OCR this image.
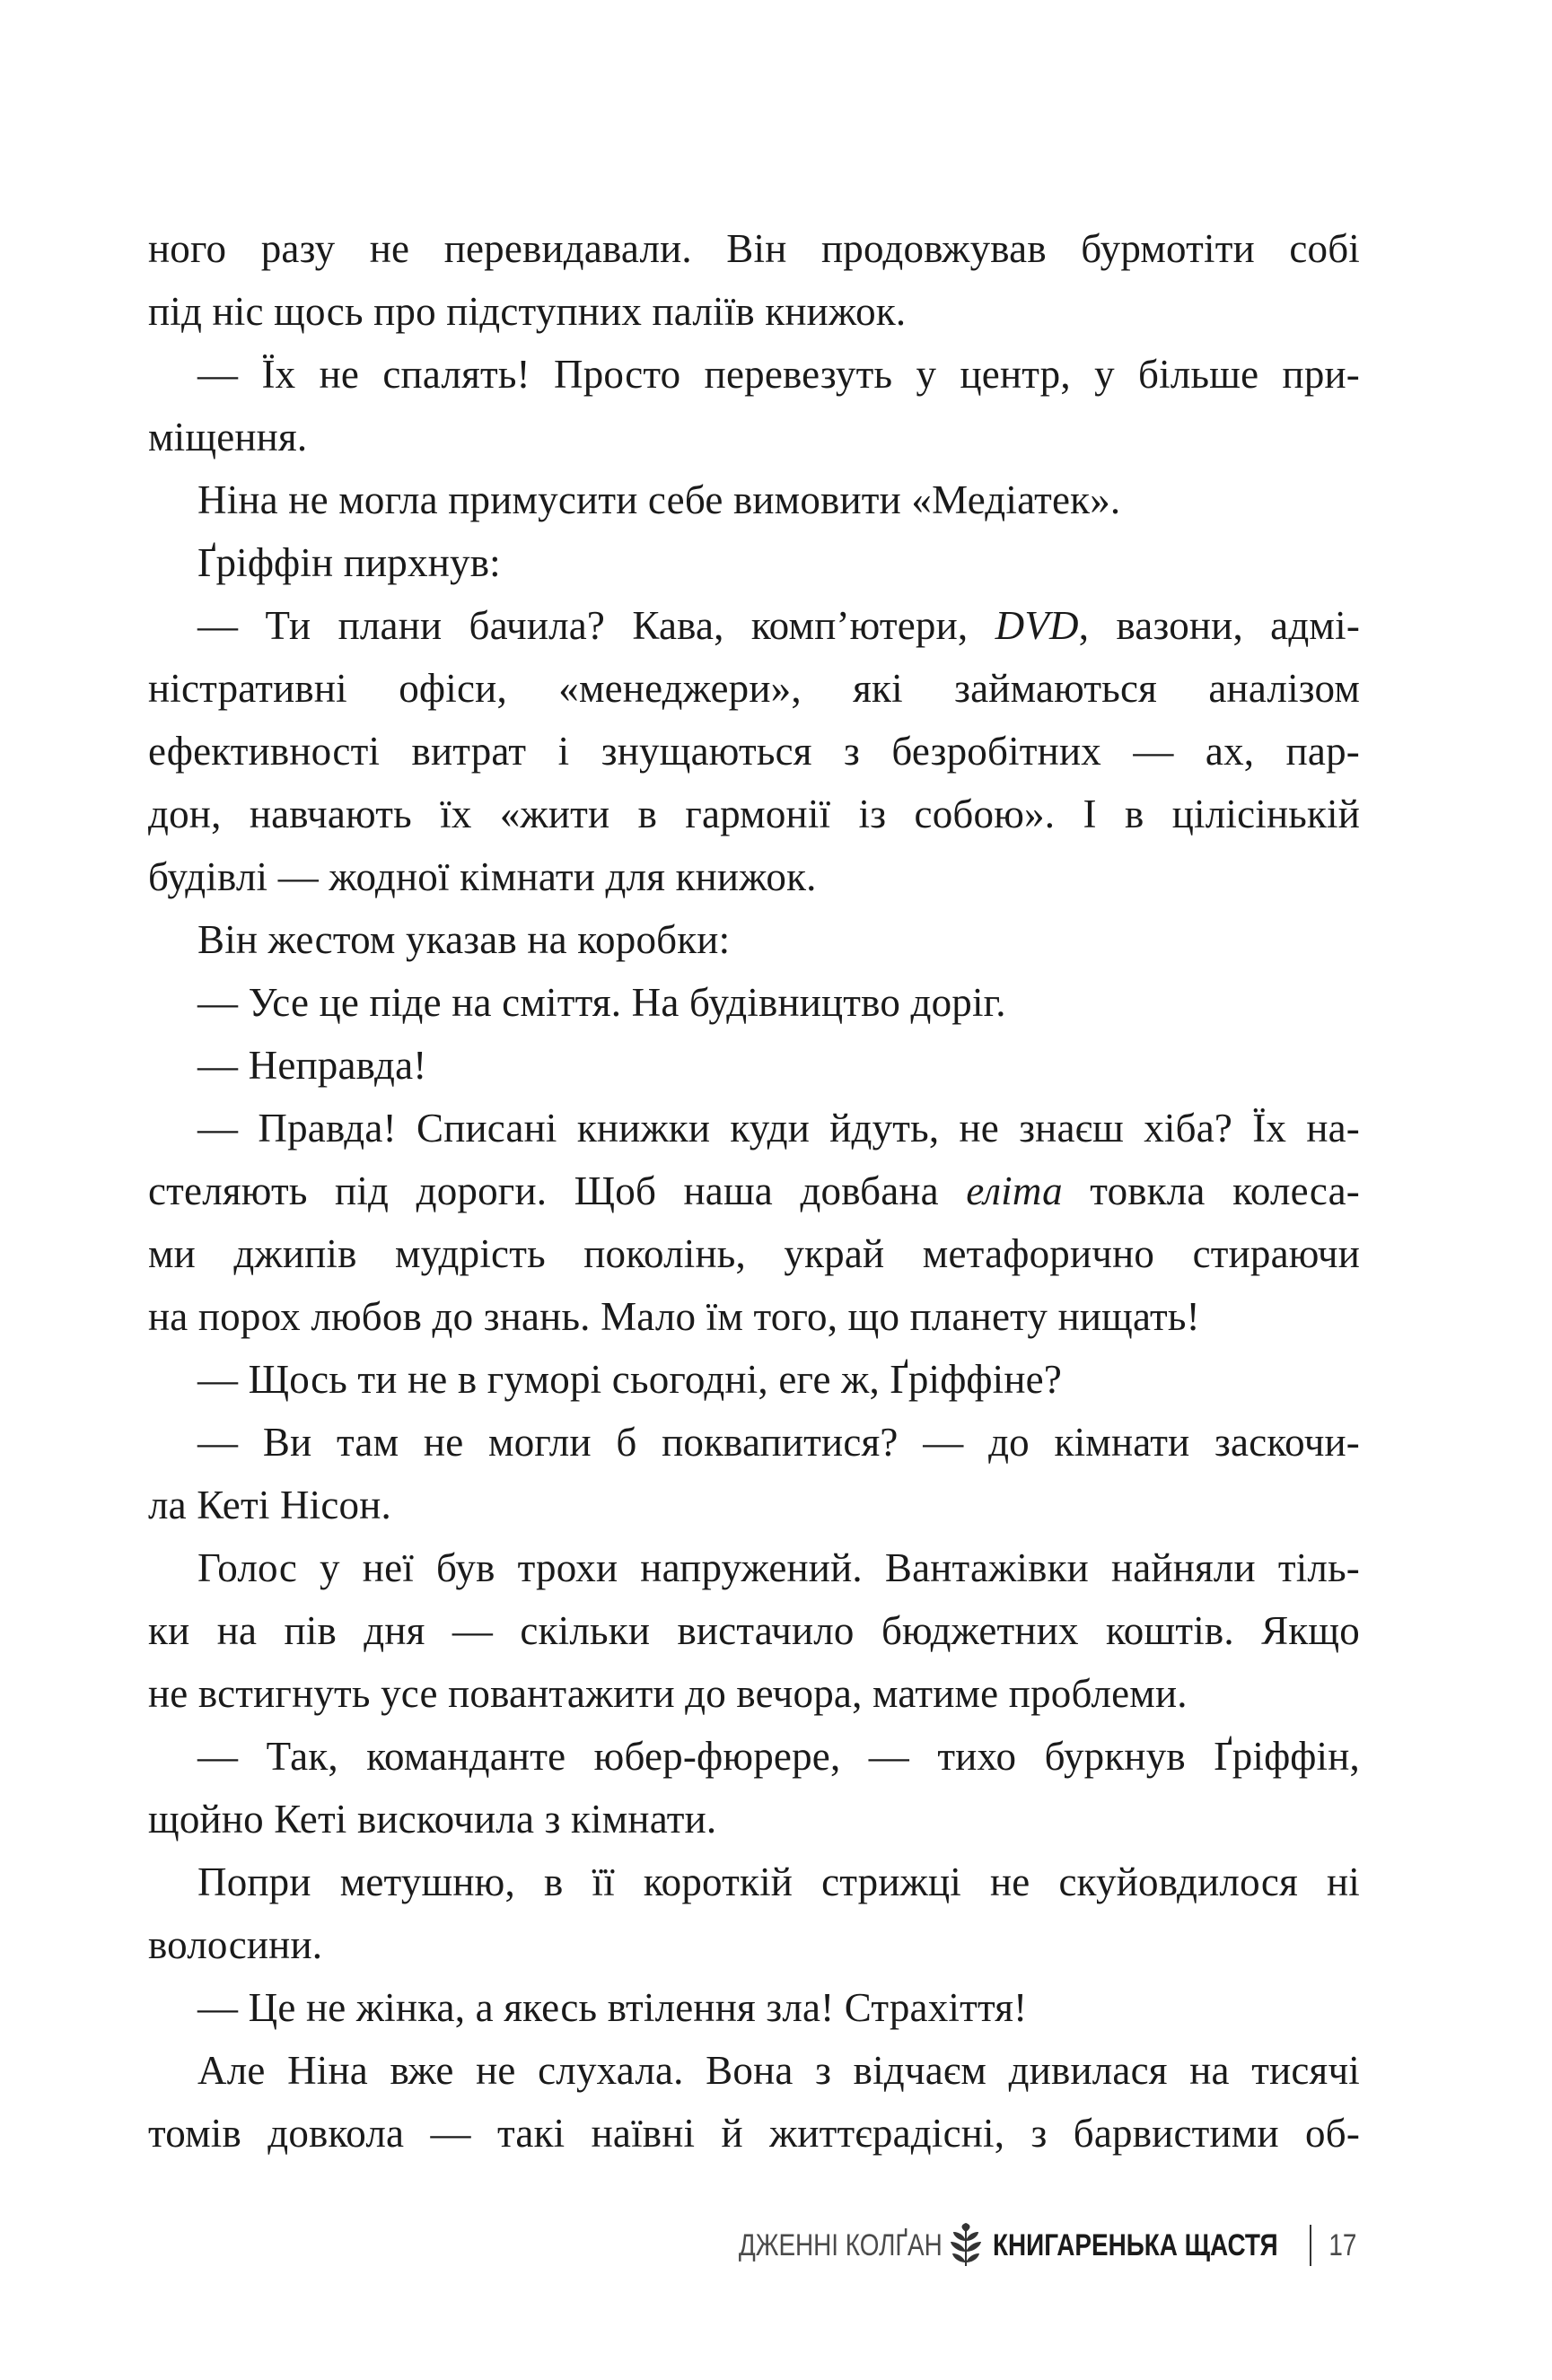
ного разу не перевидавали. Він продовжував бурмотіти собі
під ніс щось про підступних паліїв книжок.
— Їх не спалять! Просто перевезуть у центр, у більше при-
міщення.
Ніна не могла примусити себе вимовити «Медіатек».
Ґріффін пирхнув:
— Ти плани бачила? Кава, комп’ютери, DVD, вазони, адмі-
ністративні офіси, «менеджери», які займаються аналізом
ефективності витрат і знущаються з безробітних — ах, пар-
дон, навчають їх «жити в гармонії із собою». І в цілісінькій
будівлі — жодної кімнати для книжок.
Він жестом указав на коробки:
— Усе це піде на сміття. На будівництво доріг.
— Неправда!
— Правда! Списані книжки куди йдуть, не знаєш хіба? Їх на-
стеляють під дороги. Щоб наша довбана еліта товкла колеса-
ми джипів мудрість поколінь, украй метафорично стираючи
на порох любов до знань. Мало їм того, що планету нищать!
— Щось ти не в гуморі сьогодні, еге ж, Ґріффіне?
— Ви там не могли б поквапитися? — до кімнати заскочи-
ла Кеті Нісон.
Голос у неї був трохи напружений. Вантажівки найняли тіль-
ки на пів дня — скільки вистачило бюджетних коштів. Якщо
не встигнуть усе повантажити до вечора, матиме проблеми.
— Так, команданте юбер-фюрере, — тихо буркнув Ґріффін,
щойно Кеті вискочила з кімнати.
Попри метушню, в її короткій стрижці не скуйовдилося ні
волосини.
— Це не жінка, а якесь втілення зла! Страхіття!
Але Ніна вже не слухала. Вона з відчаєм дивилася на тисячі
томів довкола — такі наївні й життєрадісні, з барвистими об-
ДЖЕННІ КОЛҐАН КНИГАРЕНЬКА ЩАСТЯ 17
